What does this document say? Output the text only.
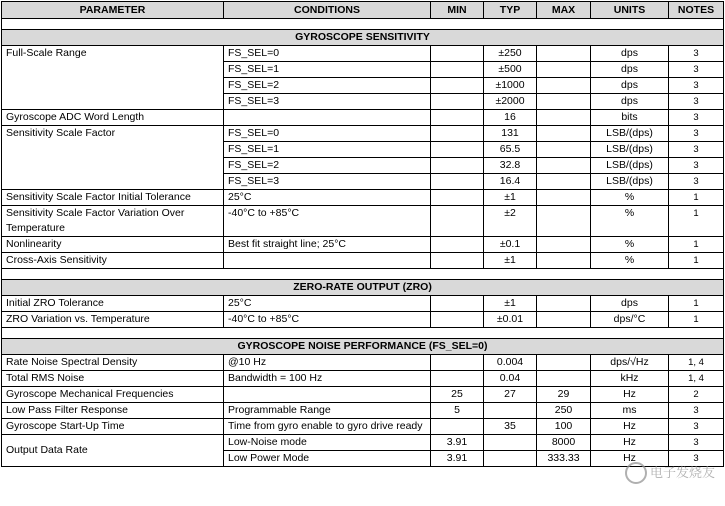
PARAMETER	CONDITIONS	MIN	TYP	MAX	UNITS	NOTES

GYROSCOPE SENSITIVITY						
Full-Scale Range	FS_SEL=0		±250		dps	3
	FS_SEL=1		±500		dps	3
	FS_SEL=2		±1000		dps	3
	FS_SEL=3		±2000		dps	3
Gyroscope ADC Word Length			16		bits	3
Sensitivity Scale Factor	FS_SEL=0		131		LSB/(dps)	3
	FS_SEL=1		65.5		LSB/(dps)	3
	FS_SEL=2		32.8		LSB/(dps)	3
	FS_SEL=3		16.4		LSB/(dps)	3
Sensitivity Scale Factor Initial Tolerance	25°C		±1		%	1
Sensitivity Scale Factor Variation Over Temperature	-40°C to +85°C		±2		%	1
Nonlinearity	Best fit straight line; 25°C		±0.1		%	1
Cross-Axis Sensitivity			±1		%	1

ZERO-RATE OUTPUT (ZRO)						
Initial ZRO Tolerance	25°C		±1		dps	1
ZRO Variation vs. Temperature	-40°C to +85°C		±0.01		dps/°C	1

GYROSCOPE NOISE PERFORMANCE (FS_SEL=0)						
Rate Noise Spectral Density	@10 Hz		0.004		dps/√Hz	1, 4
Total RMS Noise	Bandwidth = 100 Hz		0.04		kHz	1, 4
Gyroscope Mechanical Frequencies		25	27	29	Hz	2
Low Pass Filter Response	Programmable Range	5		250	ms	3
Gyroscope Start-Up Time	Time from gyro enable to gyro drive ready		35	100	Hz	3
Output Data Rate	Low-Noise mode	3.91		8000	Hz	3
	Low Power Mode	3.91		333.33	Hz	3
电子发烧友
